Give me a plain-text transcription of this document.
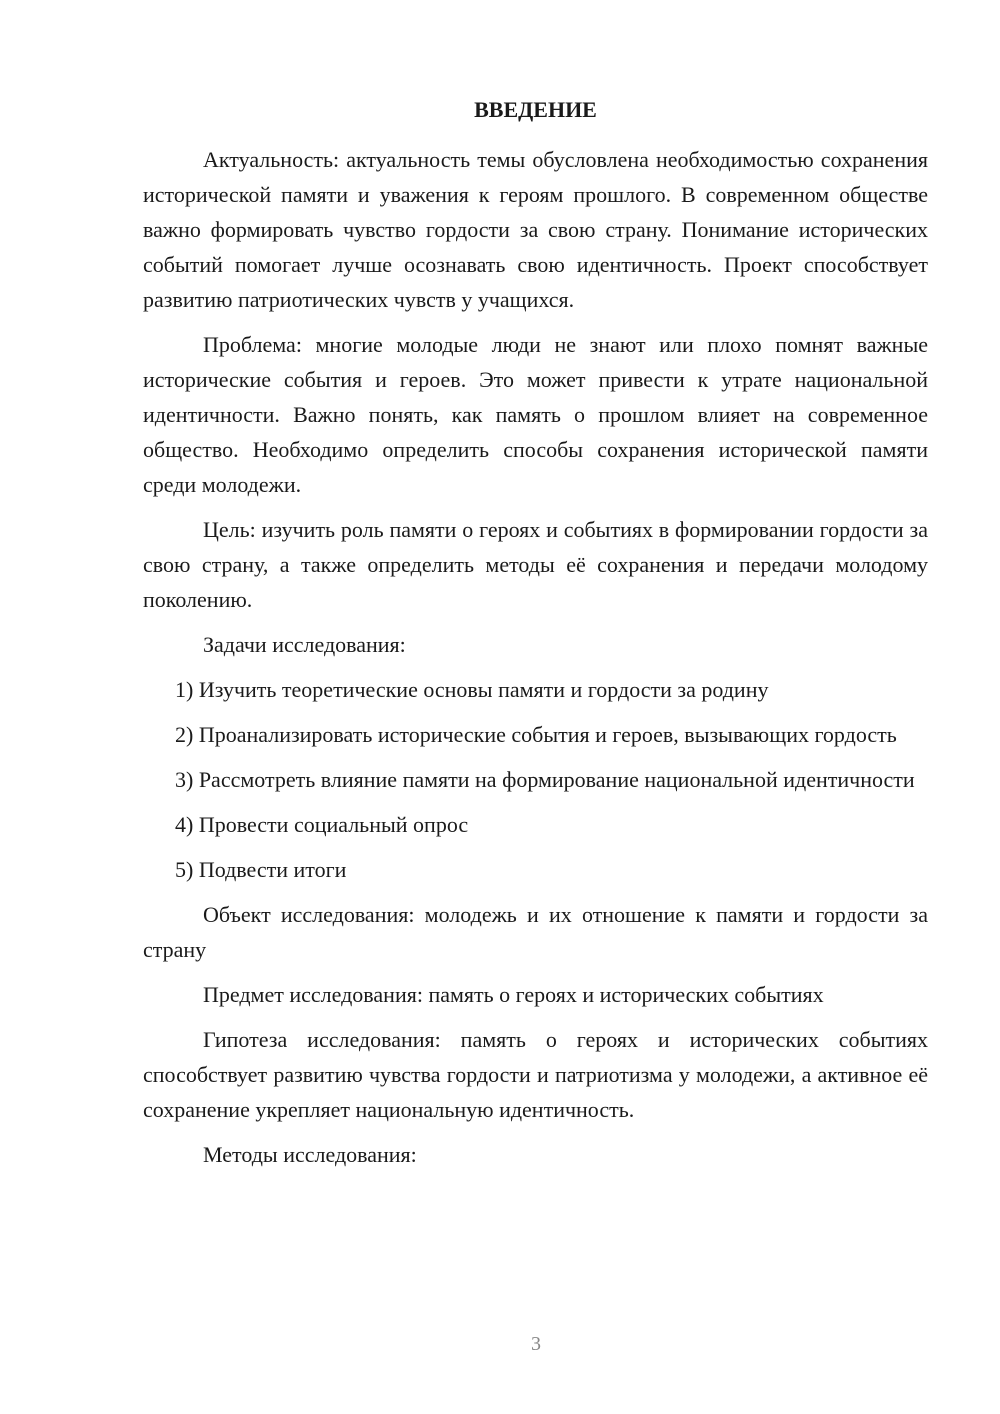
ВВЕДЕНИЕ

Актуальность: актуальность темы обусловлена необходимостью сохранения исторической памяти и уважения к героям прошлого. В современном обществе важно формировать чувство гордости за свою страну. Понимание исторических событий помогает лучше осознавать свою идентичность. Проект способствует развитию патриотических чувств у учащихся.

Проблема: многие молодые люди не знают или плохо помнят важные исторические события и героев. Это может привести к утрате национальной идентичности. Важно понять, как память о прошлом влияет на современное общество. Необходимо определить способы сохранения исторической памяти среди молодежи.

Цель: изучить роль памяти о героях и событиях в формировании гордости за свою страну, а также определить методы её сохранения и передачи молодому поколению.

Задачи исследования:

1) Изучить теоретические основы памяти и гордости за родину

2) Проанализировать исторические события и героев, вызывающих гордость

3) Рассмотреть влияние памяти на формирование национальной идентичности

4) Провести социальный опрос

5) Подвести итоги

Объект исследования: молодежь и их отношение к памяти и гордости за страну

Предмет исследования: память о героях и исторических событиях

Гипотеза исследования: память о героях и исторических событиях способствует развитию чувства гордости и патриотизма у молодежи, а активное её сохранение укрепляет национальную идентичность.

Методы исследования:

3
